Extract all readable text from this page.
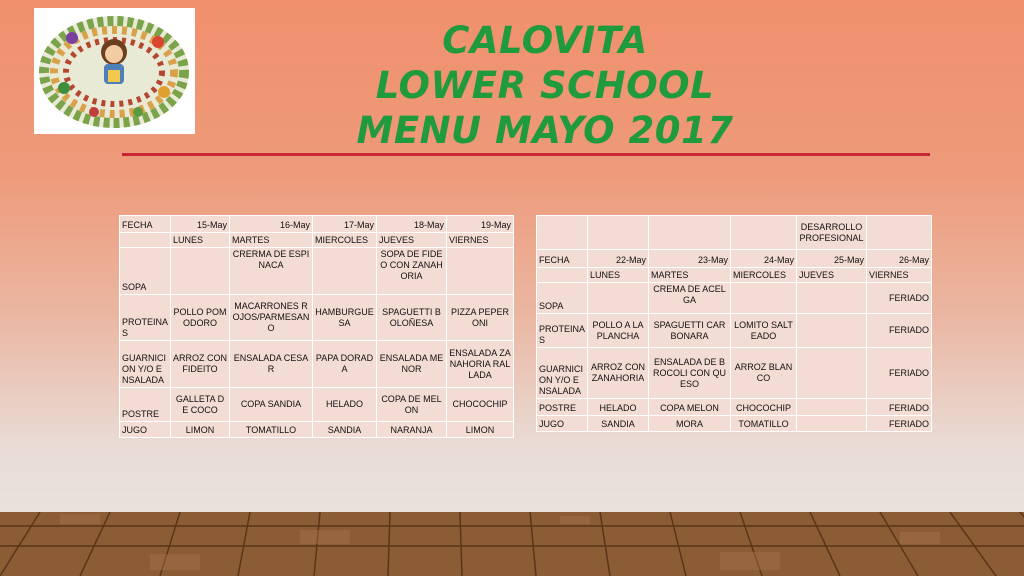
CALOVITA
LOWER SCHOOL
MENU MAYO 2017
FECHA	15-May	16-May	17-May	18-May	19-May
	LUNES	MARTES	MIERCOLES	JUEVES	VIERNES
SOPA		CRERMA DE ESPINACA		SOPA DE FIDEO CON ZANAHORIA	
PROTEINAS	POLLO POMODORO	MACARRONES ROJOS/PARMESANO	HAMBURGUESA	SPAGUETTI BOLOÑESA	PIZZA PEPERONI
GUARNICION Y/O ENSALADA	ARROZ CON FIDEITO	ENSALADA CESAR	PAPA DORADA	ENSALADA MENOR	ENSALADA ZANAHORIA RALLADA
POSTRE	GALLETA DE COCO	COPA SANDIA	HELADO	COPA DE MELON	CHOCOCHIP
JUGO	LIMON	TOMATILLO	SANDIA	NARANJA	LIMON
				DESARROLLO PROFESIONAL	
FECHA	22-May	23-May	24-May	25-May	26-May
	LUNES	MARTES	MIERCOLES	JUEVES	VIERNES
SOPA		CREMA DE ACELGA			FERIADO
PROTEINAS	POLLO A LA PLANCHA	SPAGUETTI CARBONARA	LOMITO SALTEADO		FERIADO
GUARNICION Y/O ENSALADA	ARROZ CON ZANAHORIA	ENSALADA DE BROCOLI CON QUESO	ARROZ BLANCO		FERIADO
POSTRE	HELADO	COPA MELON	CHOCOCHIP		FERIADO
JUGO	SANDIA	MORA	TOMATILLO		FERIADO
